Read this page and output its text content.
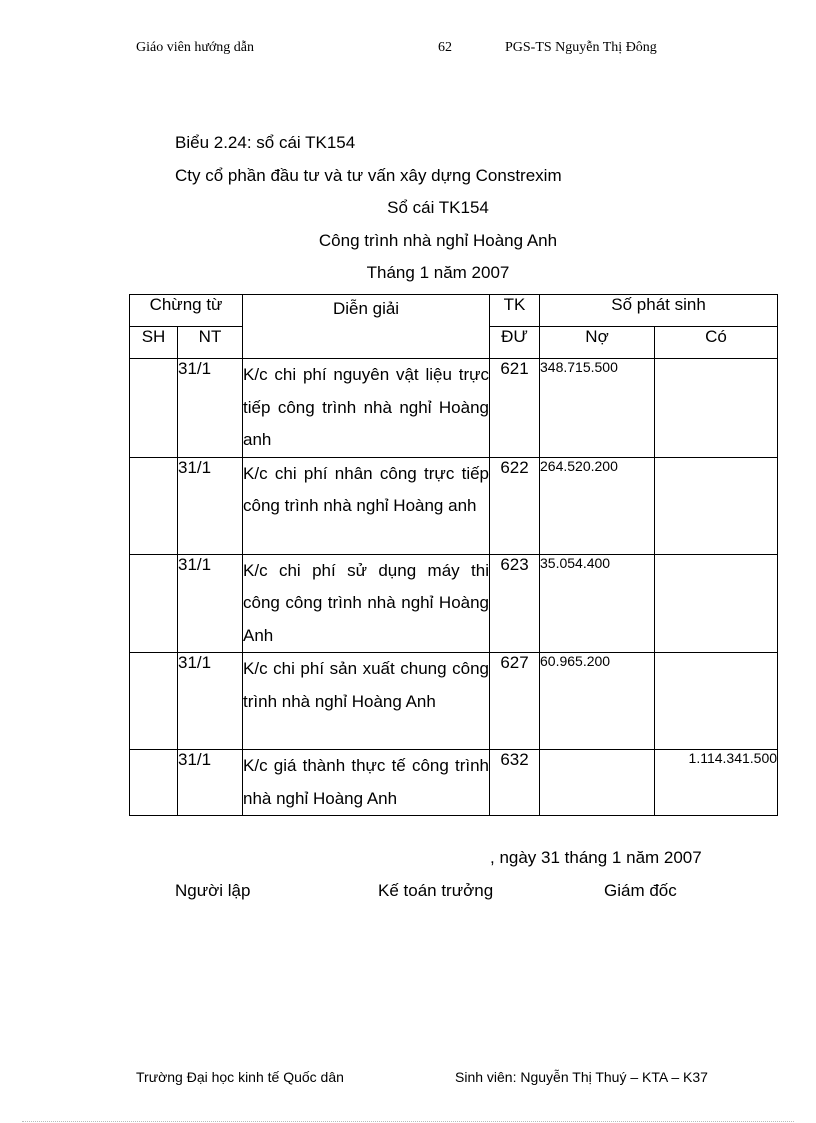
Giáo viên hướng dẫn	62	PGS-TS Nguyễn Thị Đông
Biểu 2.24: sổ cái TK154
Cty cổ phần đầu tư và tư vấn xây dựng Constrexim
Sổ cái TK154
Công trình nhà nghỉ Hoàng Anh
Tháng 1 năm 2007
Chừng từ		Diễn giải	TK	Số phát sinh	
SH	NT		ĐƯ	Nợ	Có
	31/1	K/c chi phí nguyên vật liệu trực tiếp công trình nhà nghỉ Hoàng anh	621	348.715.500	
	31/1	K/c chi phí nhân công trực tiếp công trình nhà nghỉ Hoàng anh	622	264.520.200	
	31/1	K/c chi phí sử dụng máy thi công công trình nhà nghỉ Hoàng Anh	623	35.054.400	
	31/1	K/c chi phí sản xuất chung công trình nhà nghỉ Hoàng Anh	627	60.965.200	
	31/1	K/c giá thành thực tế công trình nhà nghỉ Hoàng Anh	632		1.114.341.500
, ngày 31 tháng 1 năm 2007
Người lập	Kế toán trưởng	Giám đốc
Trường Đại học kinh tế Quốc dân	Sinh viên: Nguyễn Thị Thuý – KTA – K37
